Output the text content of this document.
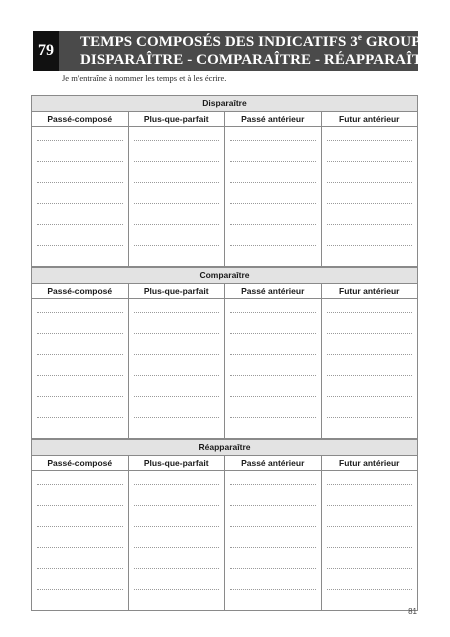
79	TEMPS COMPOSÉS DES INDICATIFS 3e GROUPE
DISPARAÎTRE - COMPARAÎTRE - RÉAPPARAÎTRE
Je m'entraîne à nommer les temps et à les écrire.
Disparaître
Passé-composé	Plus-que-parfait	Passé antérieur	Futur antérieur
Comparaître
Passé-composé	Plus-que-parfait	Passé antérieur	Futur antérieur
Réapparaître
Passé-composé	Plus-que-parfait	Passé antérieur	Futur antérieur
81
